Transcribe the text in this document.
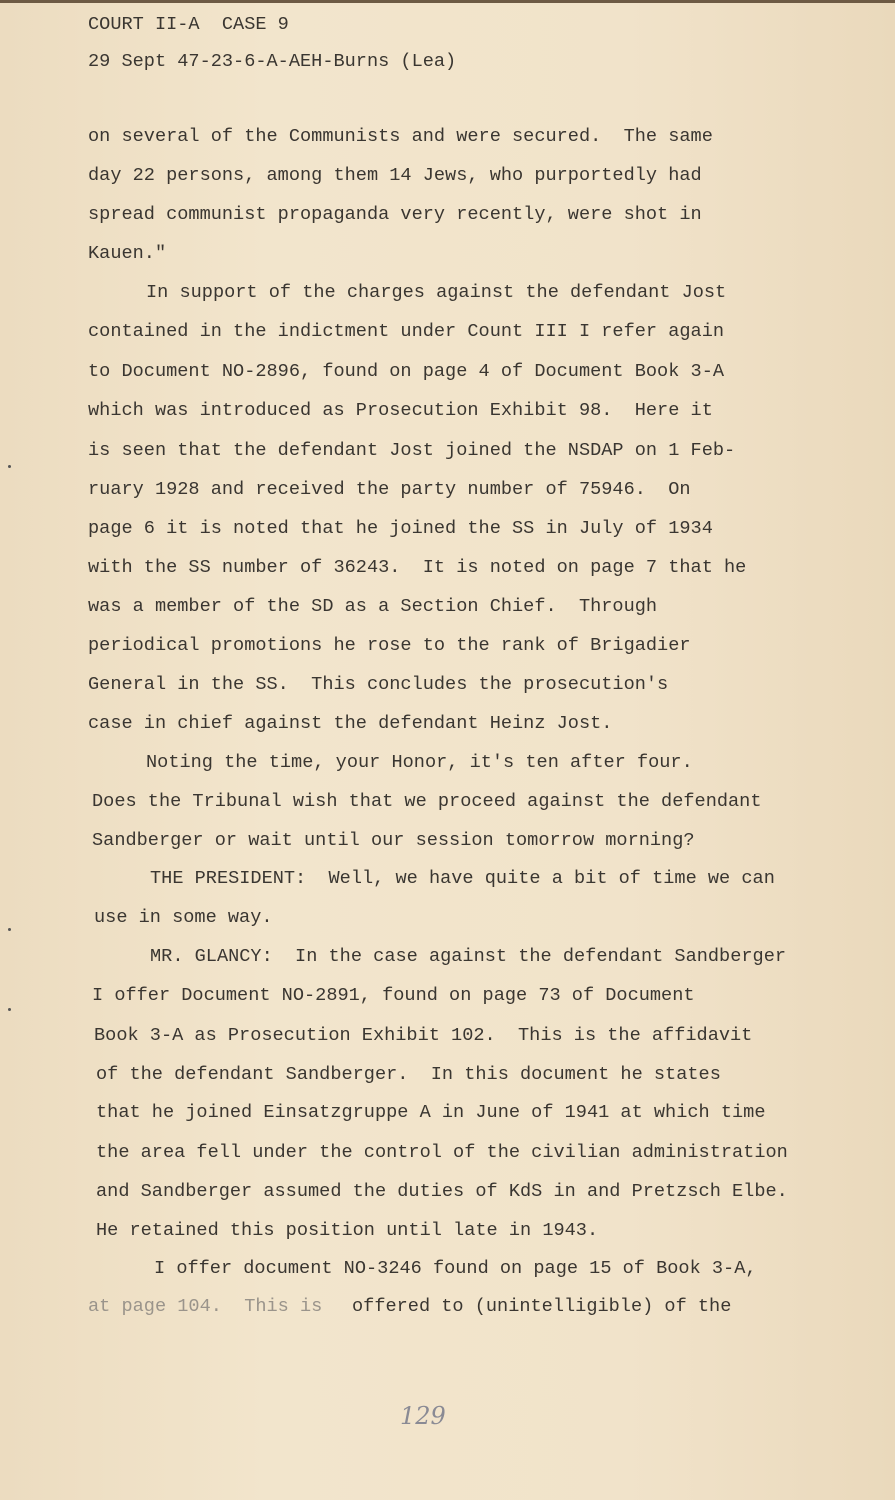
COURT II-A  CASE 9
29 Sept 47-23-6-A-AEH-Burns (Lea)
on several of the Communists and were secured.  The same
day 22 persons, among them 14 Jews, who purportedly had
spread communist propaganda very recently, were shot in
Kauen."
In support of the charges against the defendant Jost
contained in the indictment under Count III I refer again
to Document NO-2896, found on page 4 of Document Book 3-A
which was introduced as Prosecution Exhibit 98.  Here it
is seen that the defendant Jost joined the NSDAP on 1 Feb-
ruary 1928 and received the party number of 75946.  On
page 6 it is noted that he joined the SS in July of 1934
with the SS number of 36243.  It is noted on page 7 that he
was a member of the SD as a Section Chief.  Through
periodical promotions he rose to the rank of Brigadier
General in the SS.  This concludes the prosecution's
case in chief against the defendant Heinz Jost.
Noting the time, your Honor, it's ten after four.
Does the Tribunal wish that we proceed against the defendant
Sandberger or wait until our session tomorrow morning?
THE PRESIDENT:  Well, we have quite a bit of time we can
use in some way.
MR. GLANCY:  In the case against the defendant Sandberger
I offer Document NO-2891, found on page 73 of Document
Book 3-A as Prosecution Exhibit 102.  This is the affidavit
of the defendant Sandberger.  In this document he states
that he joined Einsatzgruppe A in June of 1941 at which time
the area fell under the control of the civilian administration
and Sandberger assumed the duties of KdS in and Pretzsch Elbe.
He retained this position until late in 1943.
I offer document NO-3246 found on page 15 of Book 3-A,
offered to (unintelligible) of the
at page 104.  This is
129
